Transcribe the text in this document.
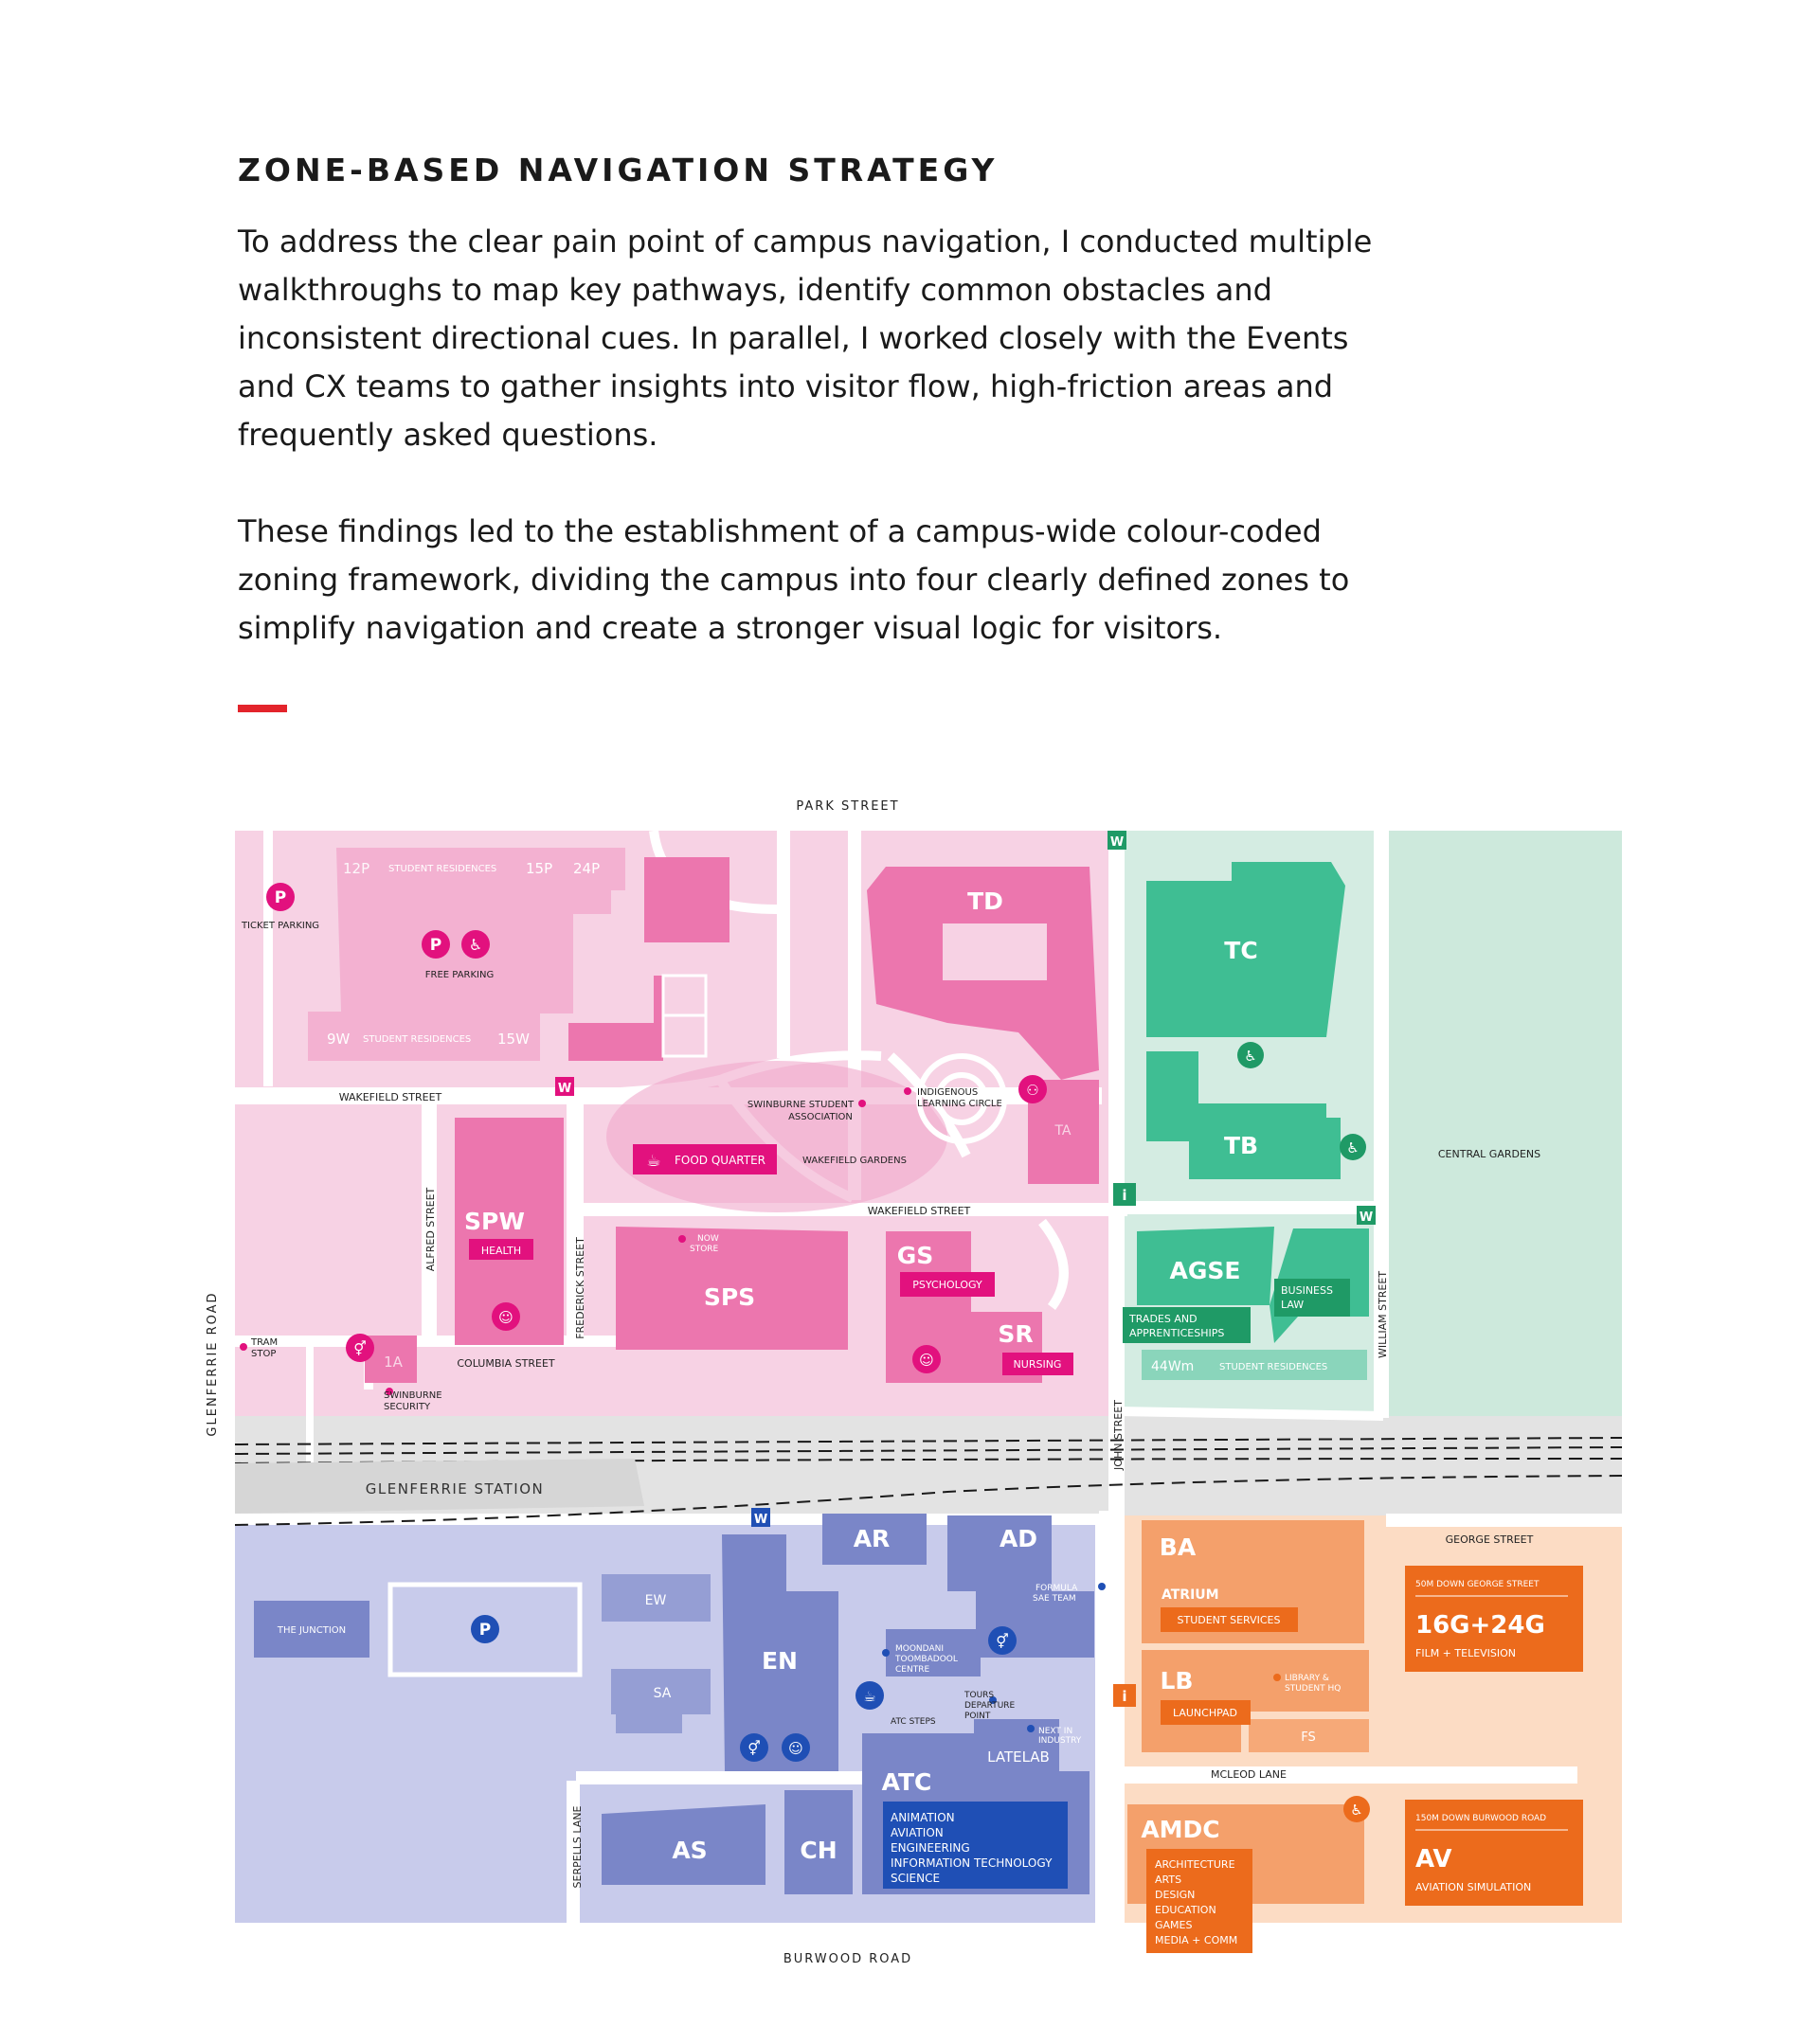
ZONE-BASED NAVIGATION STRATEGY

To address the clear pain point of campus navigation, I conducted multiple
walkthroughs to map key pathways, identify common obstacles and
inconsistent directional cues. In parallel, I worked closely with the Events
and CX teams to gather insights into visitor flow, high-friction areas and
frequently asked questions.

These findings led to the establishment of a campus-wide colour-coded
zoning framework, dividing the campus into four clearly defined zones to
simplify navigation and create a stronger visual logic for visitors.

GLENFERRIE STATION
12P STUDENT RESIDENCES 15P 24P
9W STUDENT RESIDENCES 15W
P
TICKET PARKING
P ♿
FREE PARKING
TD
TA
SPW
HEALTH
SPS
GS
PSYCHOLOGY
SR
NURSING
1A
☕ FOOD QUARTER	WAKEFIELD GARDENS
SWINBURNE STUDENT
ASSOCIATION
INDIGENOUS
LEARNING CIRCLE
⚇
NOW
STORE
☺
☺
⚥
TRAM
STOP
SWINBURNE
SECURITY
TC
TB
AGSE
TRADES AND
APPRENTICESHIPS
BUSINESS
LAW
44Wm	STUDENT RESIDENCES
♿
♿	CENTRAL GARDENS
THE JUNCTION	P
EW
SA
EN
AR	AD
FORMULA
SAE TEAM
MOONDANI
TOOMBADOOL
CENTRE
⚥
☕	TOURS
DEPARTURE
POINT
ATC STEPS
NEXT IN
INDUSTRY
LATELAB
⚥ ☺
ATC
ANIMATION
AVIATION
ENGINEERING
INFORMATION TECHNOLOGY
SCIENCE
AS	CH
BA
ATRIUM
STUDENT SERVICES
LB
LAUNCHPAD
LIBRARY &
STUDENT HQ
FS
AMDC
ARCHITECTURE
ARTS
DESIGN
EDUCATION
GAMES
MEDIA + COMM
♿
50M DOWN GEORGE STREET
16G+24G
FILM + TELEVISION
150M DOWN BURWOOD ROAD
AV
AVIATION SIMULATION
W
W
W
W
i
i
PARK STREET
BURWOOD ROAD
GLENFERRIE ROAD
WAKEFIELD STREET
WAKEFIELD STREET
ALFRED STREET
FREDERICK STREET
COLUMBIA STREET
JOHN STREET
WILLIAM STREET
GEORGE STREET
MCLEOD LANE
SERPELLS LANE
